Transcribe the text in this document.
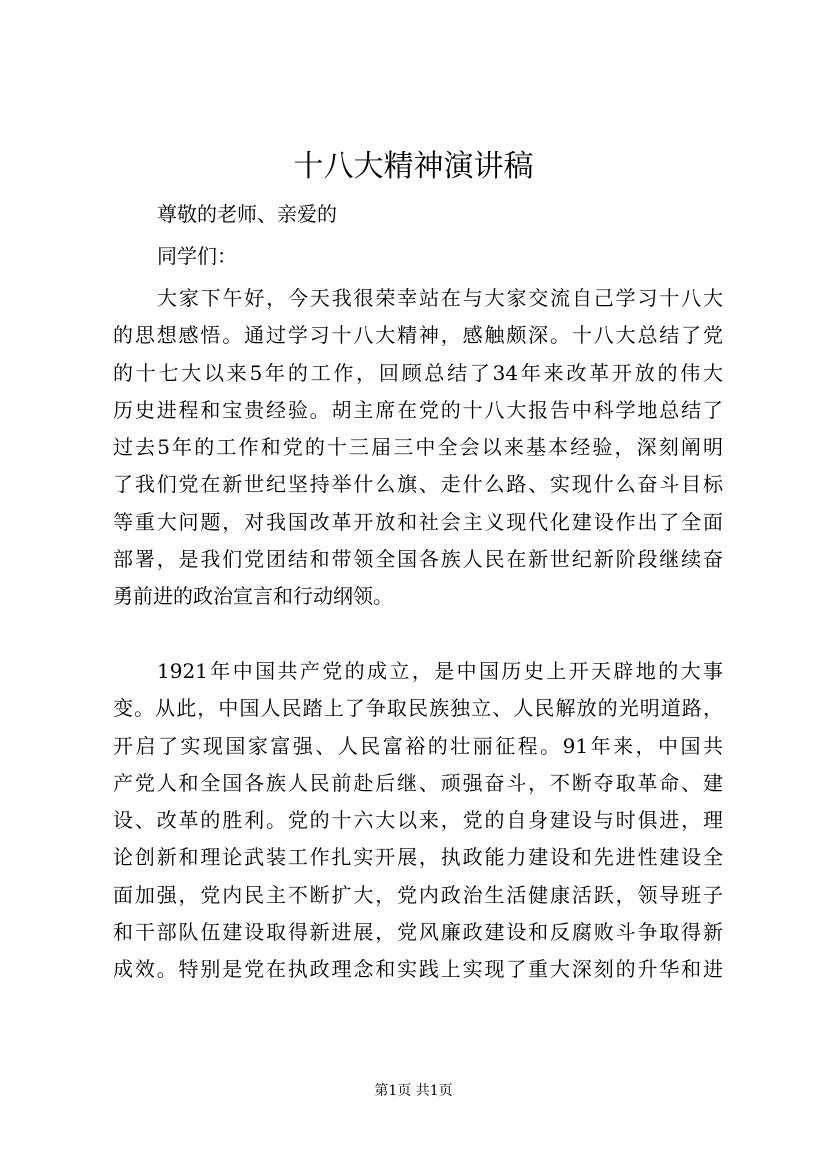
十八大精神演讲稿

尊敬的老师、亲爱的

同学们：

大家下午好，今天我很荣幸站在与大家交流自己学习十八大
的思想感悟。通过学习十八大精神，感触颇深。十八大总结了党
的十七大以来5年的工作，回顾总结了34年来改革开放的伟大
历史进程和宝贵经验。胡主席在党的十八大报告中科学地总结了
过去5年的工作和党的十三届三中全会以来基本经验，深刻阐明
了我们党在新世纪坚持举什么旗、走什么路、实现什么奋斗目标
等重大问题，对我国改革开放和社会主义现代化建设作出了全面
部署，是我们党团结和带领全国各族人民在新世纪新阶段继续奋
勇前进的政治宣言和行动纲领。
1921年中国共产党的成立，是中国历史上开天辟地的大事
变。从此，中国人民踏上了争取民族独立、人民解放的光明道路，
开启了实现国家富强、人民富裕的壮丽征程。91年来，中国共
产党人和全国各族人民前赴后继、顽强奋斗，不断夺取革命、建
设、改革的胜利。党的十六大以来，党的自身建设与时俱进，理
论创新和理论武装工作扎实开展，执政能力建设和先进性建设全
面加强，党内民主不断扩大，党内政治生活健康活跃，领导班子
和干部队伍建设取得新进展，党风廉政建设和反腐败斗争取得新
成效。特别是党在执政理念和实践上实现了重大深刻的升华和进
第1页 共1页
